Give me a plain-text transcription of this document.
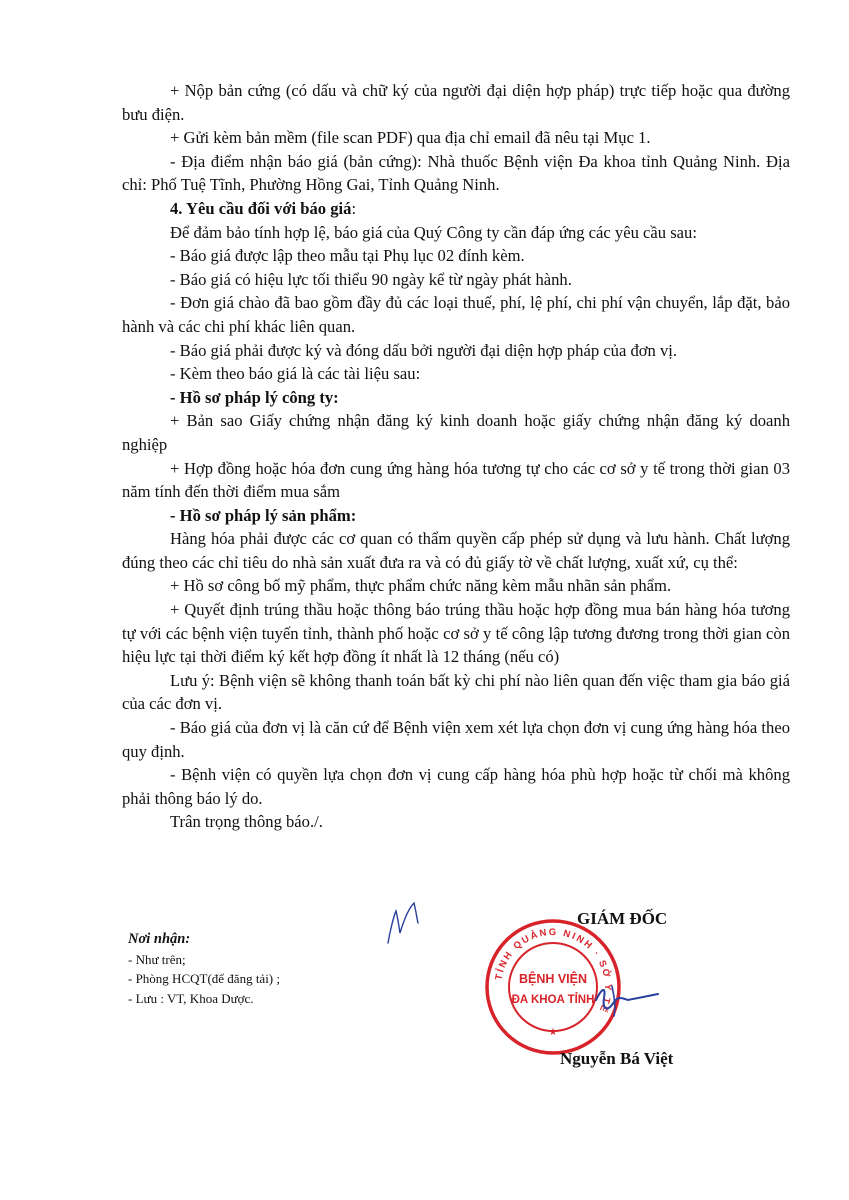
+ Nộp bản cứng (có dấu và chữ ký của người đại diện hợp pháp) trực tiếp hoặc qua đường bưu điện.

+ Gửi kèm bản mềm (file scan PDF) qua địa chỉ email đã nêu tại Mục 1.

- Địa điểm nhận báo giá (bản cứng): Nhà thuốc Bệnh viện Đa khoa tỉnh Quảng Ninh. Địa chỉ: Phố Tuệ Tĩnh, Phường Hồng Gai, Tỉnh Quảng Ninh.

4. Yêu cầu đối với báo giá:

Để đảm bảo tính hợp lệ, báo giá của Quý Công ty cần đáp ứng các yêu cầu sau:

- Báo giá được lập theo mẫu tại Phụ lục 02 đính kèm.

- Báo giá có hiệu lực tối thiểu 90 ngày kể từ ngày phát hành.

- Đơn giá chào đã bao gồm đầy đủ các loại thuế, phí, lệ phí, chi phí vận chuyển, lắp đặt, bảo hành và các chi phí khác liên quan.

- Báo giá phải được ký và đóng dấu bởi người đại diện hợp pháp của đơn vị.

- Kèm theo báo giá là các tài liệu sau:

- Hồ sơ pháp lý công ty:

+ Bản sao Giấy chứng nhận đăng ký kinh doanh hoặc giấy chứng nhận đăng ký doanh nghiệp

+ Hợp đồng hoặc hóa đơn cung ứng hàng hóa tương tự cho các cơ sở y tế trong thời gian 03 năm tính đến thời điểm mua sắm

- Hồ sơ pháp lý sản phẩm:

Hàng hóa phải được các cơ quan có thẩm quyền cấp phép sử dụng và lưu hành. Chất lượng đúng theo các chỉ tiêu do nhà sản xuất đưa ra và có đủ giấy tờ về chất lượng, xuất xứ, cụ thể:

+ Hồ sơ công bố mỹ phẩm, thực phẩm chức năng kèm mẫu nhãn sản phẩm.

+ Quyết định trúng thầu hoặc thông báo trúng thầu hoặc hợp đồng mua bán hàng hóa tương tự với các bệnh viện tuyến tỉnh, thành phố hoặc cơ sở y tế công lập tương đương trong thời gian còn hiệu lực tại thời điểm ký kết hợp đồng ít nhất là 12 tháng (nếu có)

Lưu ý: Bệnh viện sẽ không thanh toán bất kỳ chi phí nào liên quan đến việc tham gia báo giá của các đơn vị.

- Báo giá của đơn vị là căn cứ để Bệnh viện xem xét lựa chọn đơn vị cung ứng hàng hóa theo quy định.

- Bệnh viện có quyền lựa chọn đơn vị cung cấp hàng hóa phù hợp hoặc từ chối mà không phải thông báo lý do.

Trân trọng thông báo./.

Nơi nhận:
- Như trên;
- Phòng HCQT(để đăng tải) ;
- Lưu : VT, Khoa Dược.
GIÁM ĐỐC
TỈNH QUẢNG NINH · SỞ Y TẾ
BỆNH VIỆN
ĐA KHOA TỈNH
★
Nguyễn Bá Việt
